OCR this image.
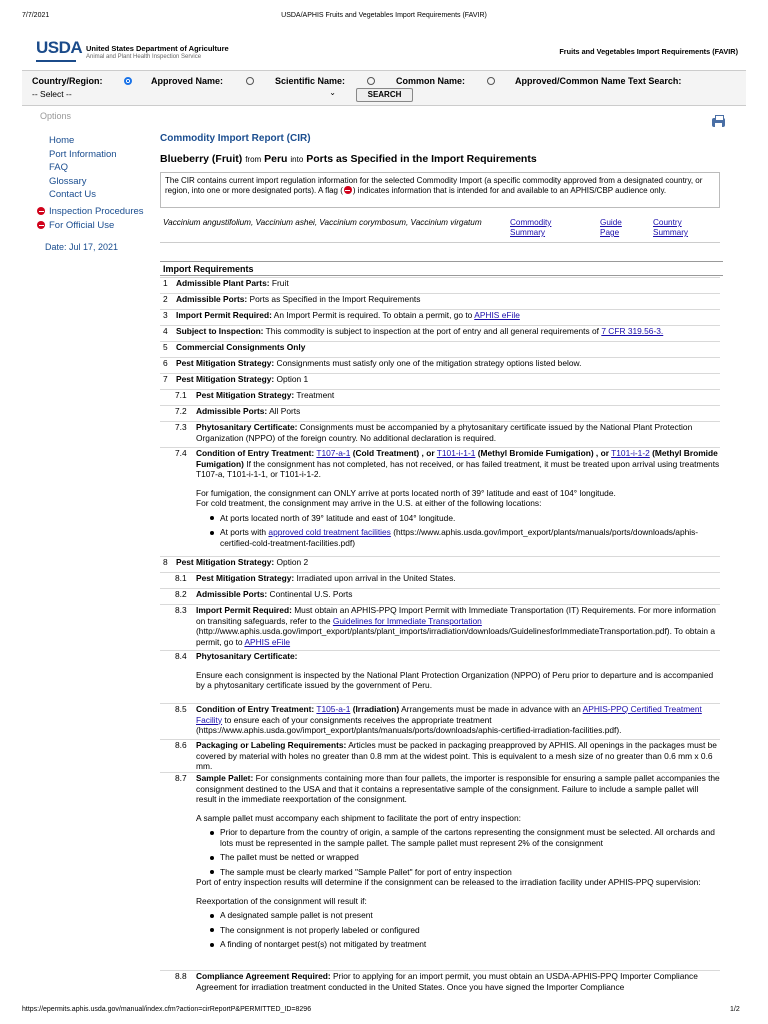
7/7/2021	USDA/APHIS Fruits and Vegetables Import Requirements (FAVIR)
USDA United States Department of Agriculture
Animal and Plant Health Inspection Service
Fruits and Vegetables Import Requirements (FAVIR)
Country/Region:	Approved Name:	Scientific Name:	Common Name:	Approved/Common Name Text Search:
-- Select --	⌄	SEARCH
Options
Home
Port Information
FAQ
Glossary
Contact Us
Inspection Procedures
For Official Use
Date: Jul 17, 2021
Commodity Import Report (CIR)
Blueberry (Fruit) from Peru into Ports as Specified in the Import Requirements
The CIR contains current import regulation information for the selected Commodity Import (a specific commodity approved from a designated country, or region, into one or more designated ports). A flag ( ) indicates information that is intended for and available to an APHIS/CBP audience only.
Vaccinium angustifolium, Vaccinium ashei, Vaccinium corymbosum, Vaccinium virgatum	Commodity Summary
Guide Page
Country Summary
Import Requirements
1 Admissible Plant Parts: Fruit
2 Admissible Ports: Ports as Specified in the Import Requirements
3 Import Permit Required: An Import Permit is required. To obtain a permit, go to APHIS eFile
4 Subject to Inspection: This commodity is subject to inspection at the port of entry and all general requirements of 7 CFR 319.56-3.
5 Commercial Consignments Only
6 Pest Mitigation Strategy: Consignments must satisfy only one of the mitigation strategy options listed below.
7 Pest Mitigation Strategy: Option 1
7.1 Pest Mitigation Strategy: Treatment
7.2 Admissible Ports: All Ports
7.3 Phytosanitary Certificate: Consignments must be accompanied by a phytosanitary certificate issued by the National Plant Protection Organization (NPPO) of the foreign country. No additional declaration is required.
7.4 Condition of Entry Treatment: T107-a-1 (Cold Treatment) , or T101-i-1-1 (Methyl Bromide Fumigation) , or T101-i-1-2 (Methyl Bromide Fumigation) If the consignment has not completed, has not received, or has failed treatment, it must be treated upon arrival using treatments T107-a, T101-i-1-1, or T101-i-1-2.
For fumigation, the consignment can ONLY arrive at ports located north of 39° latitude and east of 104° longitude.
For cold treatment, the consignment may arrive in the U.S. at either of the following locations:
At ports located north of 39° latitude and east of 104° longitude.
At ports with approved cold treatment facilities (https://www.aphis.usda.gov/import_export/plants/manuals/ports/downloads/aphis-certified-cold-treatment-facilities.pdf)
8 Pest Mitigation Strategy: Option 2
8.1 Pest Mitigation Strategy: Irradiated upon arrival in the United States.
8.2 Admissible Ports: Continental U.S. Ports
8.3 Import Permit Required: Must obtain an APHIS-PPQ Import Permit with Immediate Transportation (IT) Requirements. For more information on transiting safeguards, refer to the Guidelines for Immediate Transportation (http://www.aphis.usda.gov/import_export/plants/plant_imports/irradiation/downloads/GuidelinesforImmediateTransportation.pdf). To obtain a permit, go to APHIS eFile
8.4 Phytosanitary Certificate:
Ensure each consignment is inspected by the National Plant Protection Organization (NPPO) of Peru prior to departure and is accompanied by a phytosanitary certificate issued by the government of Peru.
8.5 Condition of Entry Treatment: T105-a-1 (Irradiation) Arrangements must be made in advance with an APHIS-PPQ Certified Treatment Facility to ensure each of your consignments receives the appropriate treatment (https://www.aphis.usda.gov/import_export/plants/manuals/ports/downloads/aphis-certified-irradiation-facilities.pdf).
8.6 Packaging or Labeling Requirements: Articles must be packed in packaging preapproved by APHIS. All openings in the packages must be covered by material with holes no greater than 0.8 mm at the widest point. This is equivalent to a mesh size of no greater than 0.6 mm x 0.6 mm.
8.7 Sample Pallet: For consignments containing more than four pallets, the importer is responsible for ensuring a sample pallet accompanies the consignment destined to the USA and that it contains a representative sample of the consignment. Failure to include a sample pallet will result in the immediate reexportation of the consignment.
A sample pallet must accompany each shipment to facilitate the port of entry inspection:
Prior to departure from the country of origin, a sample of the cartons representing the consignment must be selected. All orchards and lots must be represented in the sample pallet. The sample pallet must represent 2% of the consignment
The pallet must be netted or wrapped
The sample must be clearly marked "Sample Pallet" for port of entry inspection
Port of entry inspection results will determine if the consignment can be released to the irradiation facility under APHIS-PPQ supervision:
Reexportation of the consignment will result if:
A designated sample pallet is not present
The consignment is not properly labeled or configured
A finding of nontarget pest(s) not mitigated by treatment
8.8 Compliance Agreement Required: Prior to applying for an import permit, you must obtain an USDA-APHIS-PPQ Importer Compliance Agreement for irradiation treatment conducted in the United States. Once you have signed the Importer Compliance
https://epermits.aphis.usda.gov/manual/index.cfm?action=cirReportP&PERMITTED_ID=8296	1/2
